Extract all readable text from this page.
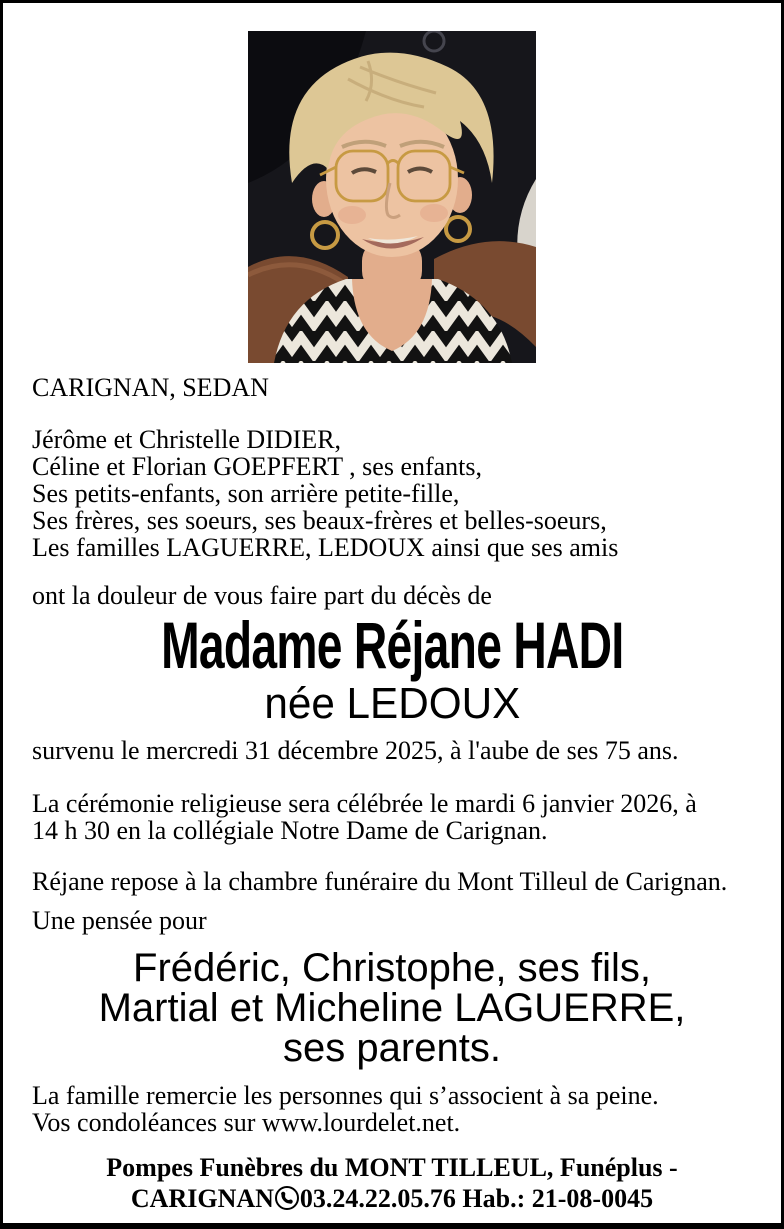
CARIGNAN, SEDAN
Jérôme et Christelle DIDIER,
Céline et Florian GOEPFERT , ses enfants,
Ses petits-enfants, son arrière petite-fille,
Ses frères, ses soeurs, ses beaux-frères et belles-soeurs,
Les familles LAGUERRE, LEDOUX ainsi que ses amis
ont la douleur de vous faire part du décès de
Madame Réjane HADI
née LEDOUX
survenu le mercredi 31 décembre 2025, à l'aube de ses 75 ans.
La cérémonie religieuse sera célébrée le mardi 6 janvier 2026, à
14 h 30 en la collégiale Notre Dame de Carignan.
Réjane repose à la chambre funéraire du Mont Tilleul de Carignan.
Une pensée pour
Frédéric, Christophe, ses fils,
Martial et Micheline LAGUERRE,
ses parents.
La famille remercie les personnes qui s’associent à sa peine.
Vos condoléances sur www.lourdelet.net.
Pompes Funèbres du MONT TILLEUL, Funéplus -
CARIGNAN 03.24.22.05.76 Hab.: 21-08-0045
